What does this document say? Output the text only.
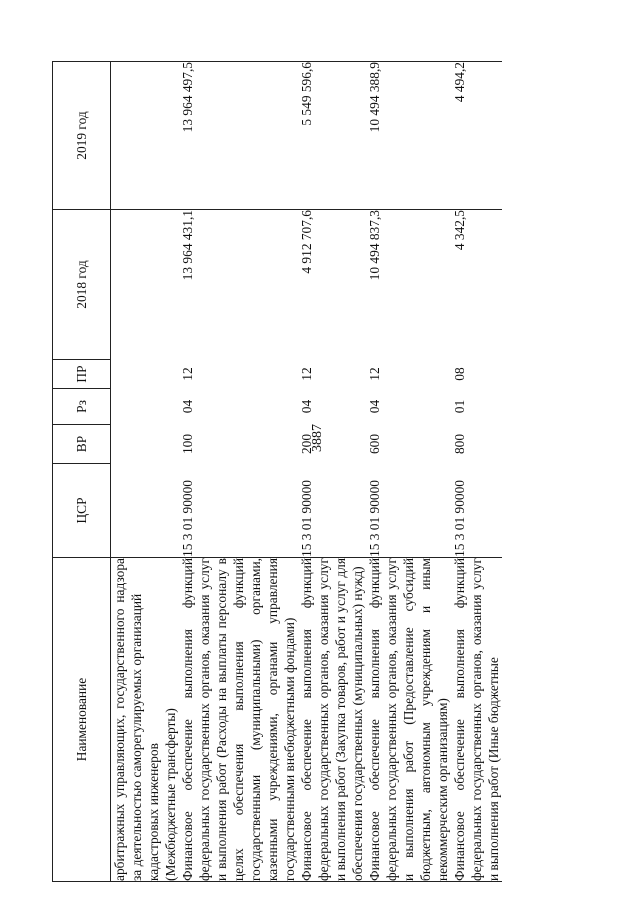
3887
Наименование	ЦСР	ВР	Рз	ПР	2018 год	2019 год
арбитражных управляющих, государственного надзора за деятельностью саморегулируемых организаций кадастровых инженеров (Межбюджетные трансферты)						
Финансовое обеспечение выполнения функций федеральных государственных органов, оказания услуг и выполнения работ (Расходы на выплаты персоналу в целях обеспечения выполнения функций государственными (муниципальными) органами, казенными учреждениями, органами управления государственными внебюджетными фондами)	15 3 01 90000	100	04	12	13 964 431,1	13 964 497,5
Финансовое обеспечение выполнения функций федеральных государственных органов, оказания услуг и выполнения работ (Закупка товаров, работ и услуг для обеспечения государственных (муниципальных) нужд)	15 3 01 90000	200	04	12	4 912 707,6	5 549 596,6
Финансовое обеспечение выполнения функций федеральных государственных органов, оказания услуг и выполнения работ (Предоставление субсидий бюджетным, автономным учреждениям и иным некоммерческим организациям)	15 3 01 90000	600	04	12	10 494 837,3	10 494 388,9
Финансовое обеспечение выполнения функций федеральных государственных органов, оказания услуг и выполнения работ (Иные бюджетные	15 3 01 90000	800	01	08	4 342,5	4 494,2
